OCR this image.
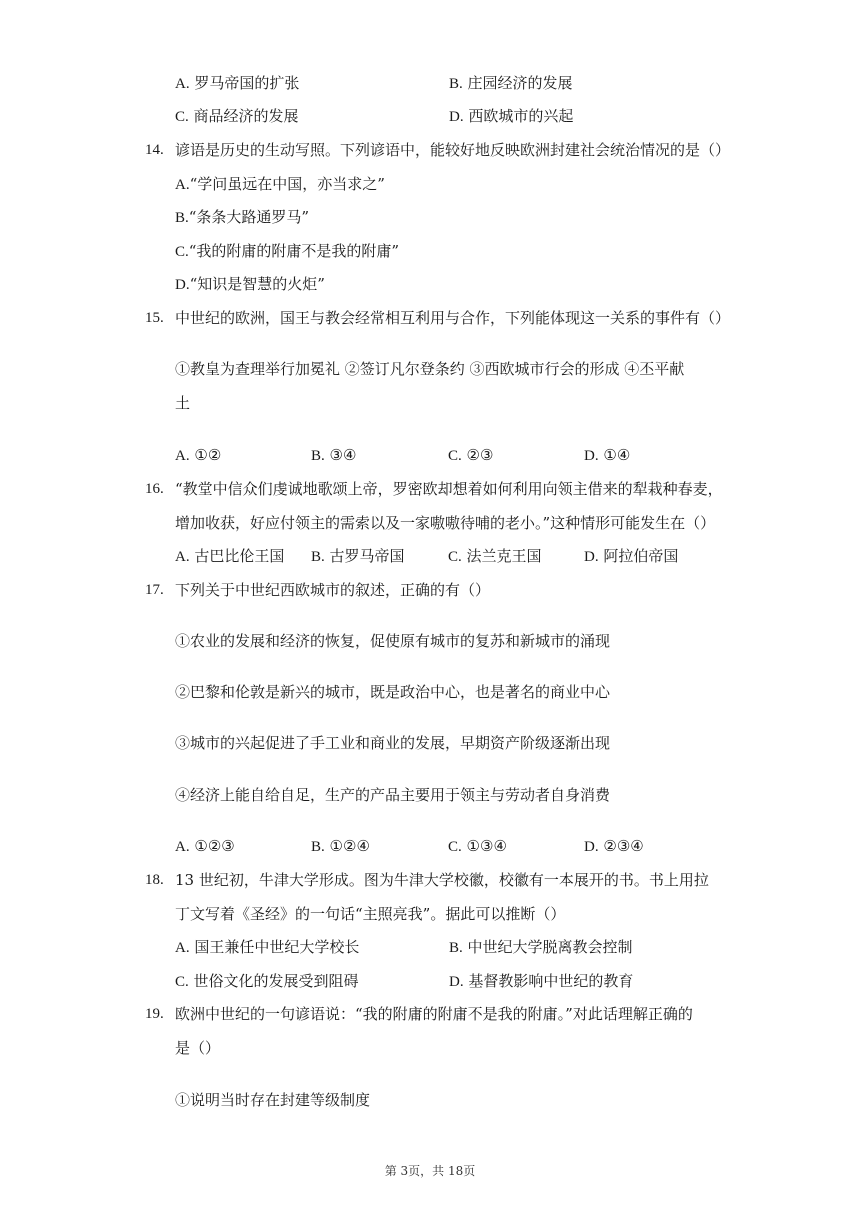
A. 罗马帝国的扩张	B. 庄园经济的发展
C. 商品经济的发展	D. 西欧城市的兴起
14. 谚语是历史的生动写照。下列谚语中，能较好地反映欧洲封建社会统治情况的是（）
A.“学问虽远在中国，亦当求之”
B.“条条大路通罗马”
C.“我的附庸的附庸不是我的附庸”
D.“知识是智慧的火炬”
15. 中世纪的欧洲，国王与教会经常相互利用与合作，下列能体现这一关系的事件有（）
①教皇为查理举行加冕礼 ②签订凡尔登条约 ③西欧城市行会的形成 ④丕平献
土
A. ①②	B. ③④	C. ②③	D. ①④
16. “教堂中信众们虔诚地歌颂上帝，罗密欧却想着如何利用向领主借来的犁栽种春麦，
增加收获，好应付领主的需索以及一家嗷嗷待哺的老小。”这种情形可能发生在（）
A. 古巴比伦王国 B. 古罗马帝国	C. 法兰克王国	D. 阿拉伯帝国
17. 下列关于中世纪西欧城市的叙述，正确的有（）
①农业的发展和经济的恢复，促使原有城市的复苏和新城市的涌现
②巴黎和伦敦是新兴的城市，既是政治中心，也是著名的商业中心
③城市的兴起促进了手工业和商业的发展，早期资产阶级逐渐出现
④经济上能自给自足，生产的产品主要用于领主与劳动者自身消费
A. ①②③	B. ①②④	C. ①③④	D. ②③④
18. 13 世纪初，牛津大学形成。图为牛津大学校徽，校徽有一本展开的书。书上用拉
丁文写着《圣经》的一句话“主照亮我”。据此可以推断（）
A. 国王兼任中世纪大学校长	B. 中世纪大学脱离教会控制
C. 世俗文化的发展受到阻碍	D. 基督教影响中世纪的教育
19. 欧洲中世纪的一句谚语说：“我的附庸的附庸不是我的附庸。”对此话理解正确的
是（）
①说明当时存在封建等级制度
第 3页，共 18页
